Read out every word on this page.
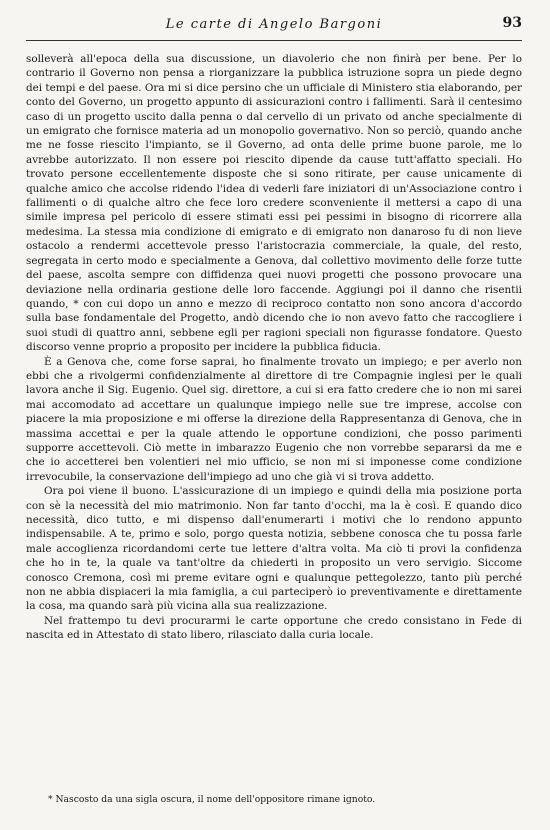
Le carte di Angelo Bargoni	93

solleverà all'epoca della sua discussione, un diavolerio che non finirà per bene. Per lo contrario il Governo non pensa a riorganizzare la pubblica istruzione sopra un piede degno dei tempi e del paese. Ora mi si dice persino che un ufficiale di Ministero stia elaborando, per conto del Governo, un progetto appunto di assicurazioni contro i fallimenti. Sarà il centesimo caso di un progetto uscito dalla penna o dal cervello di un privato od anche specialmente di un emigrato che fornisce materia ad un monopolio governativo. Non so perciò, quando anche me ne fosse riescito l'impianto, se il Governo, ad onta delle prime buone parole, me lo avrebbe autorizzato. Il non essere poi riescito dipende da cause tutt'affatto speciali. Ho trovato persone eccellentemente disposte che si sono ritirate, per cause unicamente di qualche amico che accolse ridendo l'idea di vederli fare iniziatori di un'Associazione contro i fallimenti o di qualche altro che fece loro credere sconveniente il mettersi a capo di una simile impresa pel pericolo di essere stimati essi pei pessimi in bisogno di ricorrere alla medesima. La stessa mia condizione di emigrato e di emigrato non danaroso fu di non lieve ostacolo a rendermi accettevole presso l'aristocrazia commerciale, la quale, del resto, segregata in certo modo e specialmente a Genova, dal collettivo movimento delle forze tutte del paese, ascolta sempre con diffidenza quei nuovi progetti che possono provocare una deviazione nella ordinaria gestione delle loro faccende. Aggiungi poi il danno che risentii quando, * con cui dopo un anno e mezzo di reciproco contatto non sono ancora d'accordo sulla base fondamentale del Progetto, andò dicendo che io non avevo fatto che raccogliere i suoi studi di quattro anni, sebbene egli per ragioni speciali non figurasse fondatore. Questo discorso venne proprio a proposito per incidere la pubblica fiducia.

È a Genova che, come forse saprai, ho finalmente trovato un impiego; e per averlo non ebbi che a rivolgermi confidenzialmente al direttore di tre Compagnie inglesi per le quali lavora anche il Sig. Eugenio. Quel sig. direttore, a cui si era fatto credere che io non mi sarei mai accomodato ad accettare un qualunque impiego nelle sue tre imprese, accolse con piacere la mia proposizione e mi offerse la direzione della Rappresentanza di Genova, che in massima accettai e per la quale attendo le opportune condizioni, che posso parimenti supporre accettevoli. Ciò mette in imbarazzo Eugenio che non vorrebbe separarsi da me e che io accetterei ben volentieri nel mio ufficio, se non mi si imponesse come condizione irrevocubile, la conservazione dell'impiego ad uno che già vi si trova addetto.

Ora poi viene il buono. L'assicurazione di un impiego e quindi della mia posizione porta con sè la necessità del mio matrimonio. Non far tanto d'occhi, ma la è così. E quando dico necessità, dico tutto, e mi dispenso dall'enumerarti i motivi che lo rendono appunto indispensabile. A te, primo e solo, porgo questa notizia, sebbene conosca che tu possa farle male accoglienza ricordandomi certe tue lettere d'altra volta. Ma ciò ti provi la confidenza che ho in te, la quale va tant'oltre da chiederti in proposito un vero servigio. Siccome conosco Cremona, così mi preme evitare ogni e qualunque pettegolezzo, tanto più perché non ne abbia dispiaceri la mia famiglia, a cui parteciperò io preventivamente e direttamente la cosa, ma quando sarà più vicina alla sua realizzazione.

Nel frattempo tu devi procurarmi le carte opportune che credo consistano in Fede di nascita ed in Attestato di stato libero, rilasciato dalla curia locale.

* Nascosto da una sigla oscura, il nome dell'oppositore rimane ignoto.
